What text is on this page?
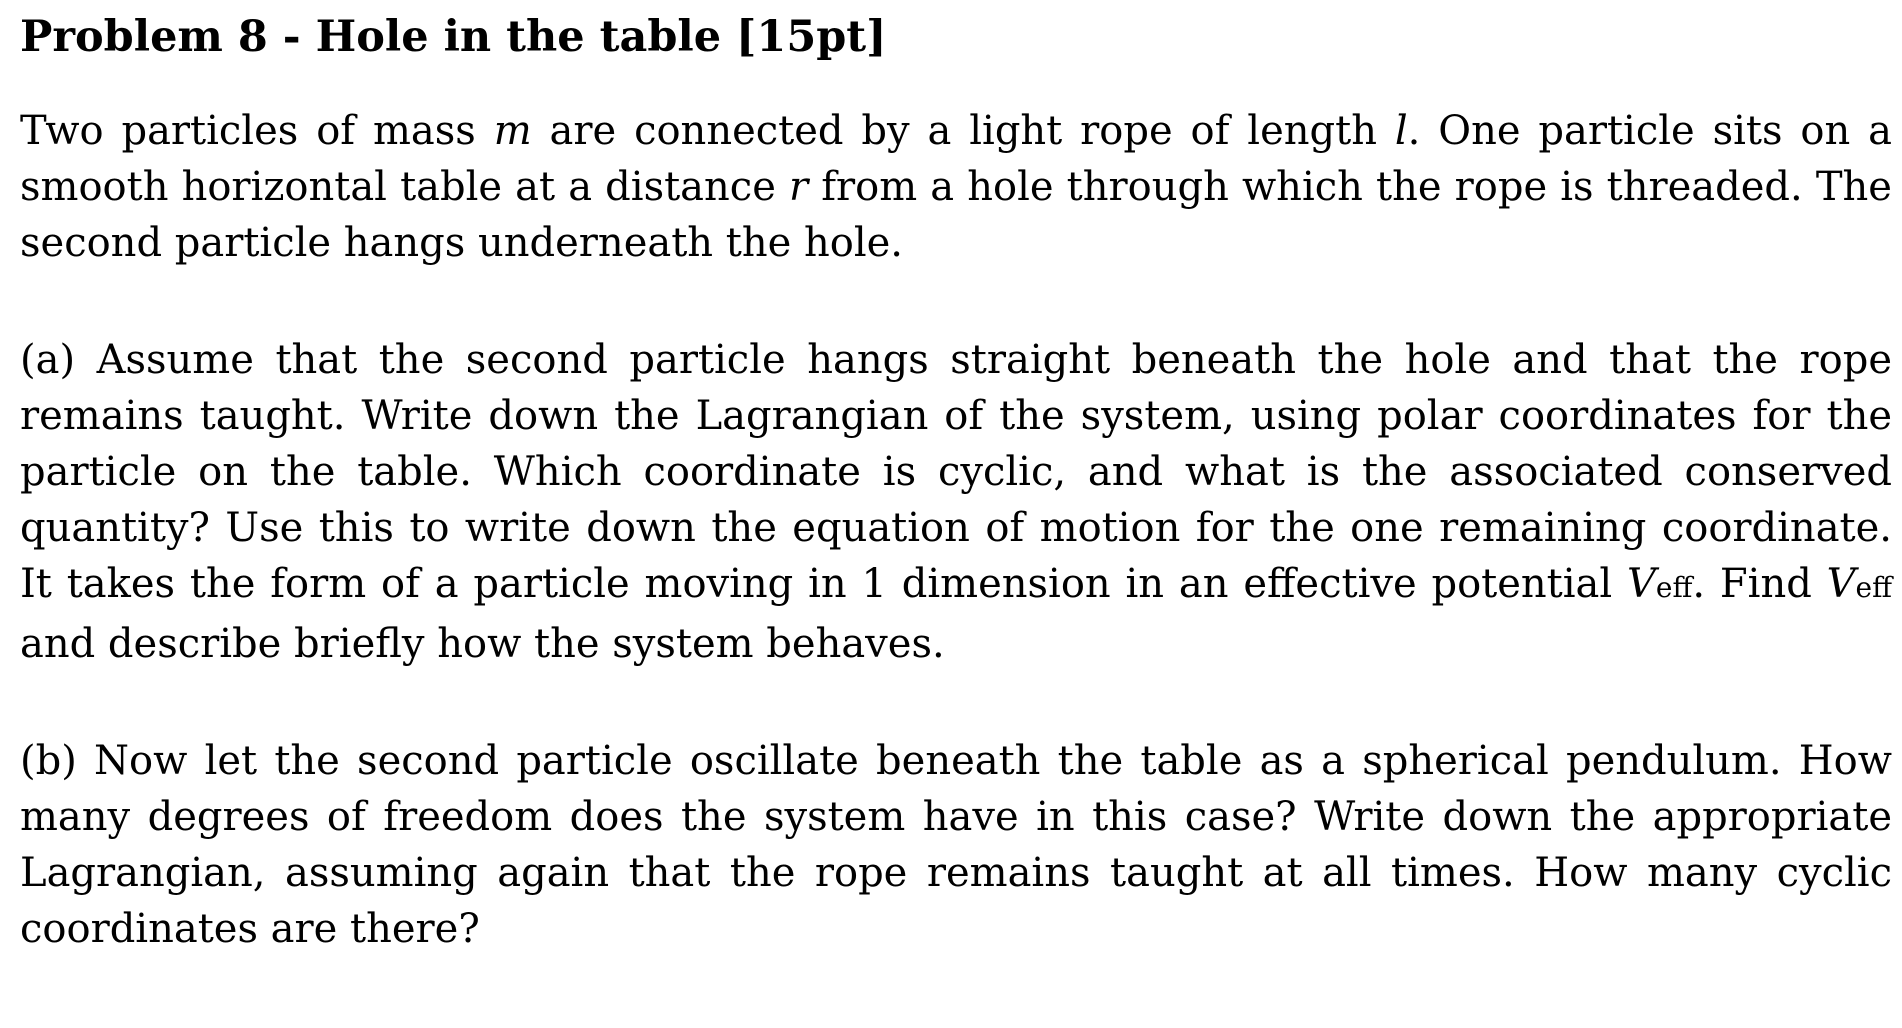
Problem 8 - Hole in the table [15pt]

Two particles of mass m are connected by a light rope of length l. One particle sits on a smooth horizontal table at a distance r from a hole through which the rope is threaded. The second particle hangs underneath the hole.

(a) Assume that the second particle hangs straight beneath the hole and that the rope remains taught. Write down the Lagrangian of the system, using polar coordinates for the particle on the table. Which coordinate is cyclic, and what is the associated conserved quantity? Use this to write down the equation of motion for the one remaining coordinate. It takes the form of a particle moving in 1 dimension in an effective potential Veff. Find Veff and describe briefly how the system behaves.

(b) Now let the second particle oscillate beneath the table as a spherical pendulum. How many degrees of freedom does the system have in this case? Write down the appropriate Lagrangian, assuming again that the rope remains taught at all times. How many cyclic coordinates are there?
